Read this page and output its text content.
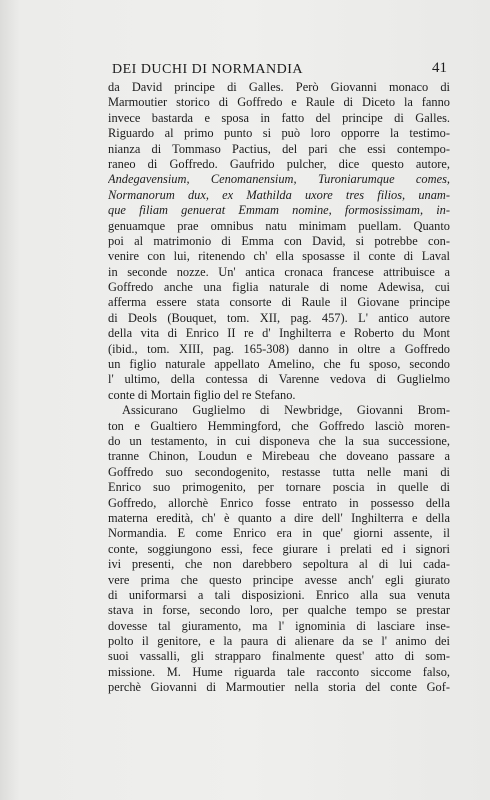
DEI DUCHI DI NORMANDIA	41
da David principe di Galles. Però Giovanni monaco di
Marmoutier storico di Goffredo e Raule di Diceto la fanno
invece bastarda e sposa in fatto del principe di Galles.
Riguardo al primo punto si può loro opporre la testimo-
nianza di Tommaso Pactius, del pari che essi contempo-
raneo di Goffredo. Gaufrido pulcher, dice questo autore,
Andegavensium, Cenomanensium, Turoniarumque comes,
Normanorum dux, ex Mathilda uxore tres filios, unam-
que filiam genuerat Emmam nomine, formosissimam, in-
genuamque prae omnibus natu minimam puellam. Quanto
poi al matrimonio di Emma con David, si potrebbe con-
venire con lui, ritenendo ch' ella sposasse il conte di Laval
in seconde nozze. Un' antica cronaca francese attribuisce a
Goffredo anche una figlia naturale di nome Adewisa, cui
afferma essere stata consorte di Raule il Giovane principe
di Deols (Bouquet, tom. XII, pag. 457). L' antico autore
della vita di Enrico II re d' Inghilterra e Roberto du Mont
(ibid., tom. XIII, pag. 165-308) danno in oltre a Goffredo
un figlio naturale appellato Amelino, che fu sposo, secondo
l' ultimo, della contessa di Varenne vedova di Guglielmo
conte di Mortain figlio del re Stefano.
Assicurano Guglielmo di Newbridge, Giovanni Brom-
ton e Gualtiero Hemmingford, che Goffredo lasciò moren-
do un testamento, in cui disponeva che la sua successione,
tranne Chinon, Loudun e Mirebeau che doveano passare a
Goffredo suo secondogenito, restasse tutta nelle mani di
Enrico suo primogenito, per tornare poscia in quelle di
Goffredo, allorchè Enrico fosse entrato in possesso della
materna eredità, ch' è quanto a dire dell' Inghilterra e della
Normandia. E come Enrico era in que' giorni assente, il
conte, soggiungono essi, fece giurare i prelati ed i signori
ivi presenti, che non darebbero sepoltura al di lui cada-
vere prima che questo principe avesse anch' egli giurato
di uniformarsi a tali disposizioni. Enrico alla sua venuta
stava in forse, secondo loro, per qualche tempo se prestar
dovesse tal giuramento, ma l' ignominia di lasciare inse-
polto il genitore, e la paura di alienare da se l' animo dei
suoi vassalli, gli strapparo finalmente quest' atto di som-
missione. M. Hume riguarda tale racconto siccome falso,
perchè Giovanni di Marmoutier nella storia del conte Gof-
